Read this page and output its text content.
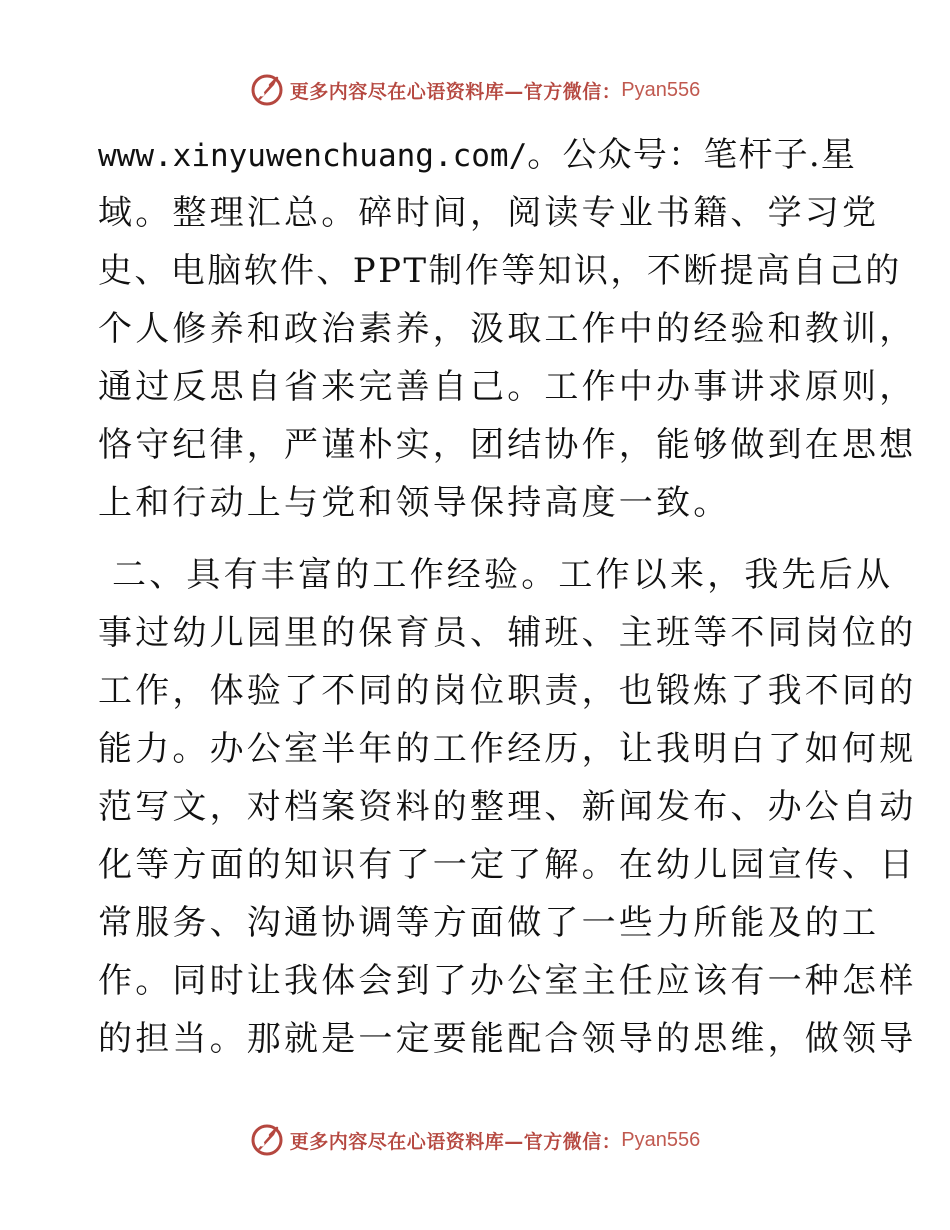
更多内容尽在心语资料库—官方微信： Pyan556
www.xinyuwenchuang.com/。公众号：笔杆子.星
域。整理汇总。碎时间，阅读专业书籍、学习党
史、电脑软件、PPT制作等知识，不断提高自己的
个人修养和政治素养，汲取工作中的经验和教训，
通过反思自省来完善自己。工作中办事讲求原则，
恪守纪律，严谨朴实，团结协作，能够做到在思想
上和行动上与党和领导保持高度一致。
二、具有丰富的工作经验。工作以来，我先后从
事过幼儿园里的保育员、辅班、主班等不同岗位的
工作，体验了不同的岗位职责，也锻炼了我不同的
能力。办公室半年的工作经历，让我明白了如何规
范写文，对档案资料的整理、新闻发布、办公自动
化等方面的知识有了一定了解。在幼儿园宣传、日
常服务、沟通协调等方面做了一些力所能及的工
作。同时让我体会到了办公室主任应该有一种怎样
的担当。那就是一定要能配合领导的思维，做领导
更多内容尽在心语资料库—官方微信： Pyan556
